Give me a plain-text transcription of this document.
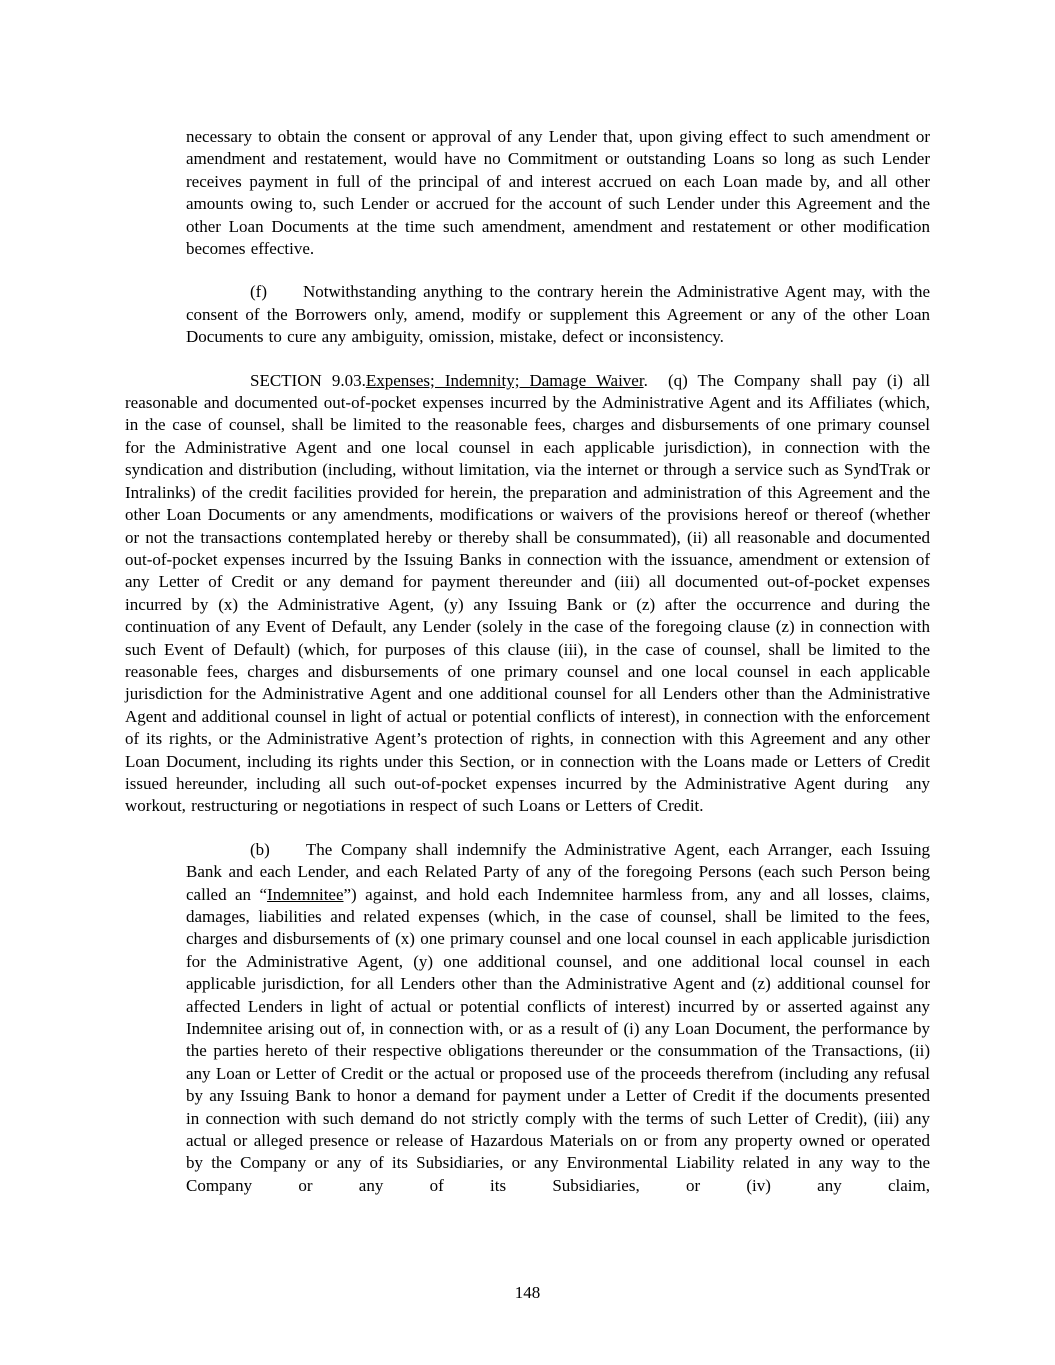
necessary to obtain the consent or approval of any Lender that, upon giving effect to such amendment or amendment and restatement, would have no Commitment or outstanding Loans so long as such Lender receives payment in full of the principal of and interest accrued on each Loan made by, and all other amounts owing to, such Lender or accrued for the account of such Lender under this Agreement and the other Loan Documents at the time such amendment, amendment and restatement or other modification becomes effective.

(f) Notwithstanding anything to the contrary herein the Administrative Agent may, with the consent of the Borrowers only, amend, modify or supplement this Agreement or any of the other Loan Documents to cure any ambiguity, omission, mistake, defect or inconsistency.

SECTION 9.03.Expenses; Indemnity; Damage Waiver.  (q) The Company shall pay (i) all reasonable and documented out-of-pocket expenses incurred by the Administrative Agent and its Affiliates (which, in the case of counsel, shall be limited to the reasonable fees, charges and disbursements of one primary counsel for the Administrative Agent and one local counsel in each applicable jurisdiction), in connection with the syndication and distribution (including, without limitation, via the internet or through a service such as SyndTrak or Intralinks) of the credit facilities provided for herein, the preparation and administration of this Agreement and the other Loan Documents or any amendments, modifications or waivers of the provisions hereof or thereof (whether or not the transactions contemplated hereby or thereby shall be consummated), (ii) all reasonable and documented out-of-pocket expenses incurred by the Issuing Banks in connection with the issuance, amendment or extension of any Letter of Credit or any demand for payment thereunder and (iii) all documented out-of-pocket expenses incurred by (x) the Administrative Agent, (y) any Issuing Bank or (z) after the occurrence and during the continuation of any Event of Default, any Lender (solely in the case of the foregoing clause (z) in connection with such Event of Default) (which, for purposes of this clause (iii), in the case of counsel, shall be limited to the reasonable fees, charges and disbursements of one primary counsel and one local counsel in each applicable jurisdiction for the Administrative Agent and one additional counsel for all Lenders other than the Administrative Agent and additional counsel in light of actual or potential conflicts of interest), in connection with the enforcement of its rights, or the Administrative Agent’s protection of rights, in connection with this Agreement and any other Loan Document, including its rights under this Section, or in connection with the Loans made or Letters of Credit issued hereunder, including all such out-of-pocket expenses incurred by the Administrative Agent during  any workout, restructuring or negotiations in respect of such Loans or Letters of Credit.

(b) The Company shall indemnify the Administrative Agent, each Arranger, each Issuing Bank and each Lender, and each Related Party of any of the foregoing Persons (each such Person being called an “Indemnitee”) against, and hold each Indemnitee harmless from, any and all losses, claims, damages, liabilities and related expenses (which, in the case of counsel, shall be limited to the fees, charges and disbursements of (x) one primary counsel and one local counsel in each applicable jurisdiction for the Administrative Agent, (y) one additional counsel, and one additional local counsel in each applicable jurisdiction, for all Lenders other than the Administrative Agent and (z) additional counsel for affected Lenders in light of actual or potential conflicts of interest) incurred by or asserted against any Indemnitee arising out of, in connection with, or as a result of (i) any Loan Document, the performance by the parties hereto of their respective obligations thereunder or the consummation of the Transactions, (ii) any Loan or Letter of Credit or the actual or proposed use of the proceeds therefrom (including any refusal by any Issuing Bank to honor a demand for payment under a Letter of Credit if the documents presented in connection with such demand do not strictly comply with the terms of such Letter of Credit), (iii) any actual or alleged presence or release of Hazardous Materials on or from any property owned or operated by the Company or any of its Subsidiaries, or any Environmental Liability related in any way to the Company or any of its Subsidiaries, or (iv) any claim,

148
